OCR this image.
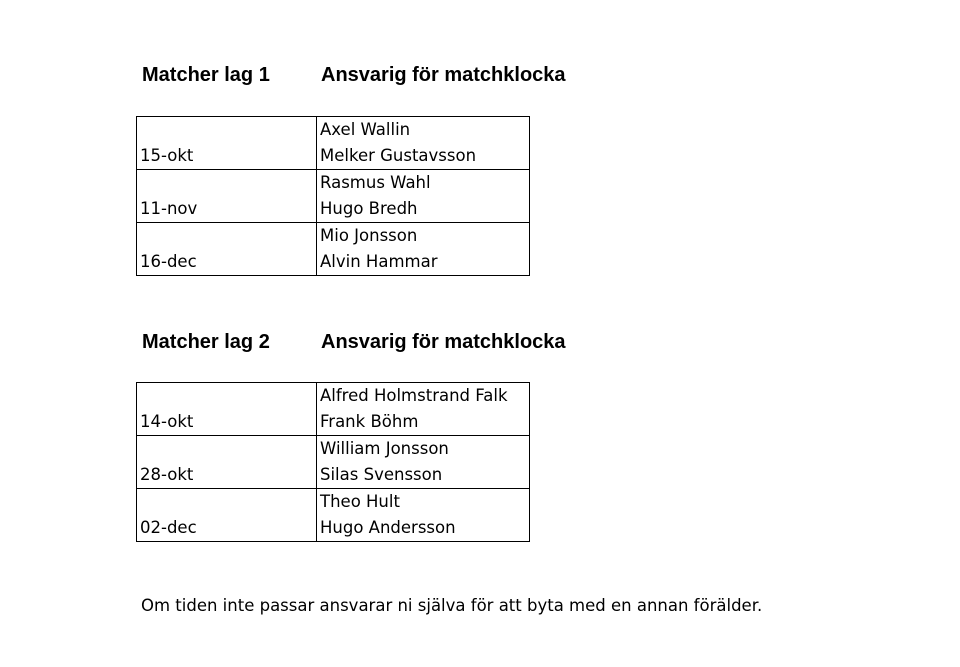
Matcher lag 1	Ansvarig för matchklocka
15-okt	Axel Wallin
Melker Gustavsson

11-nov	Rasmus Wahl
Hugo Bredh

16-dec	Mio Jonsson
Alvin Hammar
Matcher lag 2	Ansvarig för matchklocka
14-okt	Alfred Holmstrand Falk
Frank Böhm

28-okt	William Jonsson
Silas Svensson

02-dec	Theo Hult
Hugo Andersson
Om tiden inte passar ansvarar ni själva för att byta med en annan förälder.
